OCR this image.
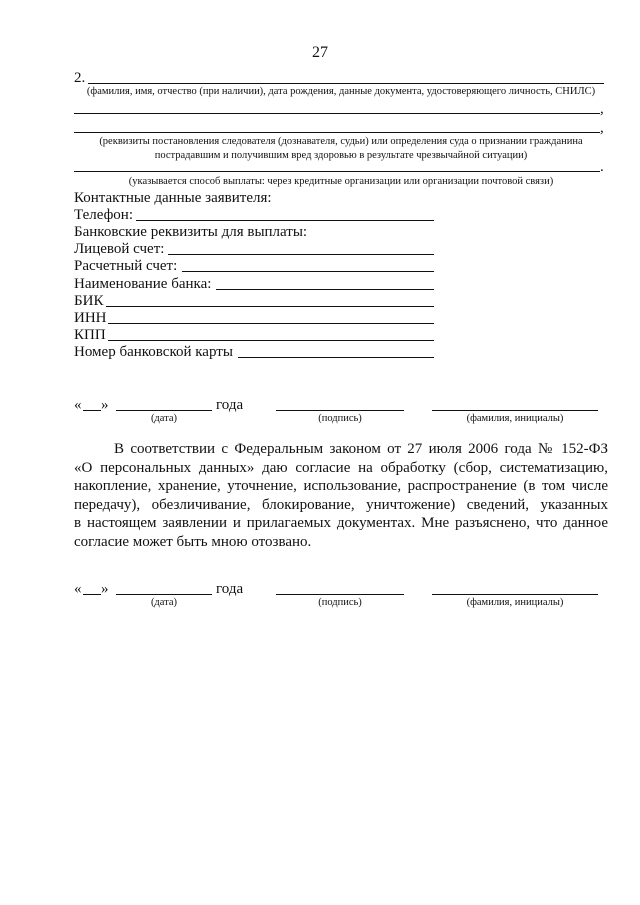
27
2.
(фамилия, имя, отчество (при наличии), дата рождения, данные документа, удостоверяющего личность, СНИЛС)
,
,
(реквизиты постановления следователя (дознавателя, судьи) или определения суда о признании гражданина
пострадавшим и получившим вред здоровью в результате чрезвычайной ситуации)
.
(указывается способ выплаты: через кредитные организации или организации почтовой связи)
Контактные данные заявителя:
Телефон:
Банковские реквизиты для выплаты:
Лицевой счет:
Расчетный счет:
Наименование банка:
БИК
ИНН
КПП
Номер банковской карты
« »	года
(дата)	(подпись)	(фамилия, инициалы)
В соответствии с Федеральным законом от 27 июля 2006 года № 152-ФЗ
«О персональных данных» даю согласие на обработку (сбор, систематизацию,
накопление, хранение, уточнение, использование, распространение (в том числе
передачу), обезличивание, блокирование, уничтожение) сведений, указанных
в настоящем заявлении и прилагаемых документах. Мне разъяснено, что данное
согласие может быть мною отозвано.
« »	года
(дата)	(подпись)	(фамилия, инициалы)
